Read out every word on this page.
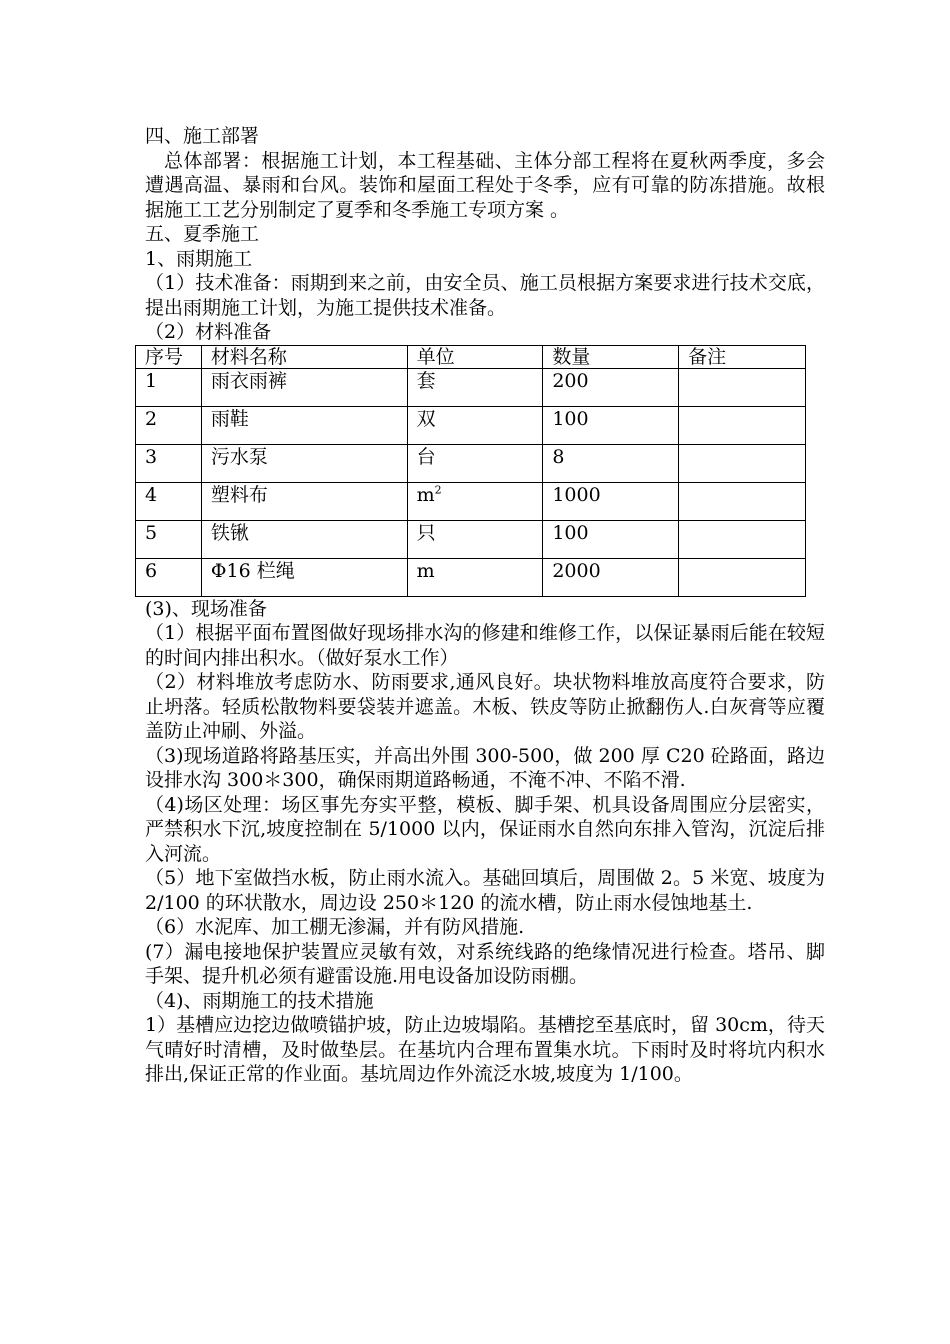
四、施工部署

总体部署：根据施工计划，本工程基础、主体分部工程将在夏秋两季度，多会遭遇高温、暴雨和台风。装饰和屋面工程处于冬季，应有可靠的防冻措施。故根据施工工艺分别制定了夏季和冬季施工专项方案 。

五、夏季施工

1、雨期施工

（1）技术准备：雨期到来之前，由安全员、施工员根据方案要求进行技术交底，提出雨期施工计划，为施工提供技术准备。

（2）材料准备

序号	材料名称	单位	数量	备注
1	雨衣雨裤	套	200	
2	雨鞋	双	100	
3	污水泵	台	8	
4	塑料布	$m^2$	1000	
5	铁锹	只	100	
6	Φ16 栏绳	m	2000	

(3)、现场准备

（1）根据平面布置图做好现场排水沟的修建和维修工作，以保证暴雨后能在较短的时间内排出积水。（做好泵水工作）

（2）材料堆放考虑防水、防雨要求,通风良好。块状物料堆放高度符合要求，防止坍落。轻质松散物料要袋装并遮盖。木板、铁皮等防止掀翻伤人.白灰膏等应覆盖防止冲刷、外溢。

（3)现场道路将路基压实，并高出外围 300-500，做 200 厚 C20 砼路面，路边设排水沟 300＊300，确保雨期道路畅通，不淹不冲、不陷不滑.

（4)场区处理：场区事先夯实平整，模板、脚手架、机具设备周围应分层密实，严禁积水下沉,坡度控制在 5/1000 以内，保证雨水自然向东排入管沟，沉淀后排入河流。

（5）地下室做挡水板，防止雨水流入。基础回填后，周围做 2。5 米宽、坡度为 2/100 的环状散水，周边设 250＊120 的流水槽，防止雨水侵蚀地基土.

（6）水泥库、加工棚无渗漏，并有防风措施.

(7）漏电接地保护装置应灵敏有效，对系统线路的绝缘情况进行检查。塔吊、脚手架、提升机必须有避雷设施.用电设备加设防雨棚。

（4)、雨期施工的技术措施

1）基槽应边挖边做喷锚护坡，防止边坡塌陷。基槽挖至基底时，留 30cm，待天气晴好时清槽，及时做垫层。在基坑内合理布置集水坑。下雨时及时将坑内积水排出,保证正常的作业面。基坑周边作外流泛水坡,坡度为 1/100。
